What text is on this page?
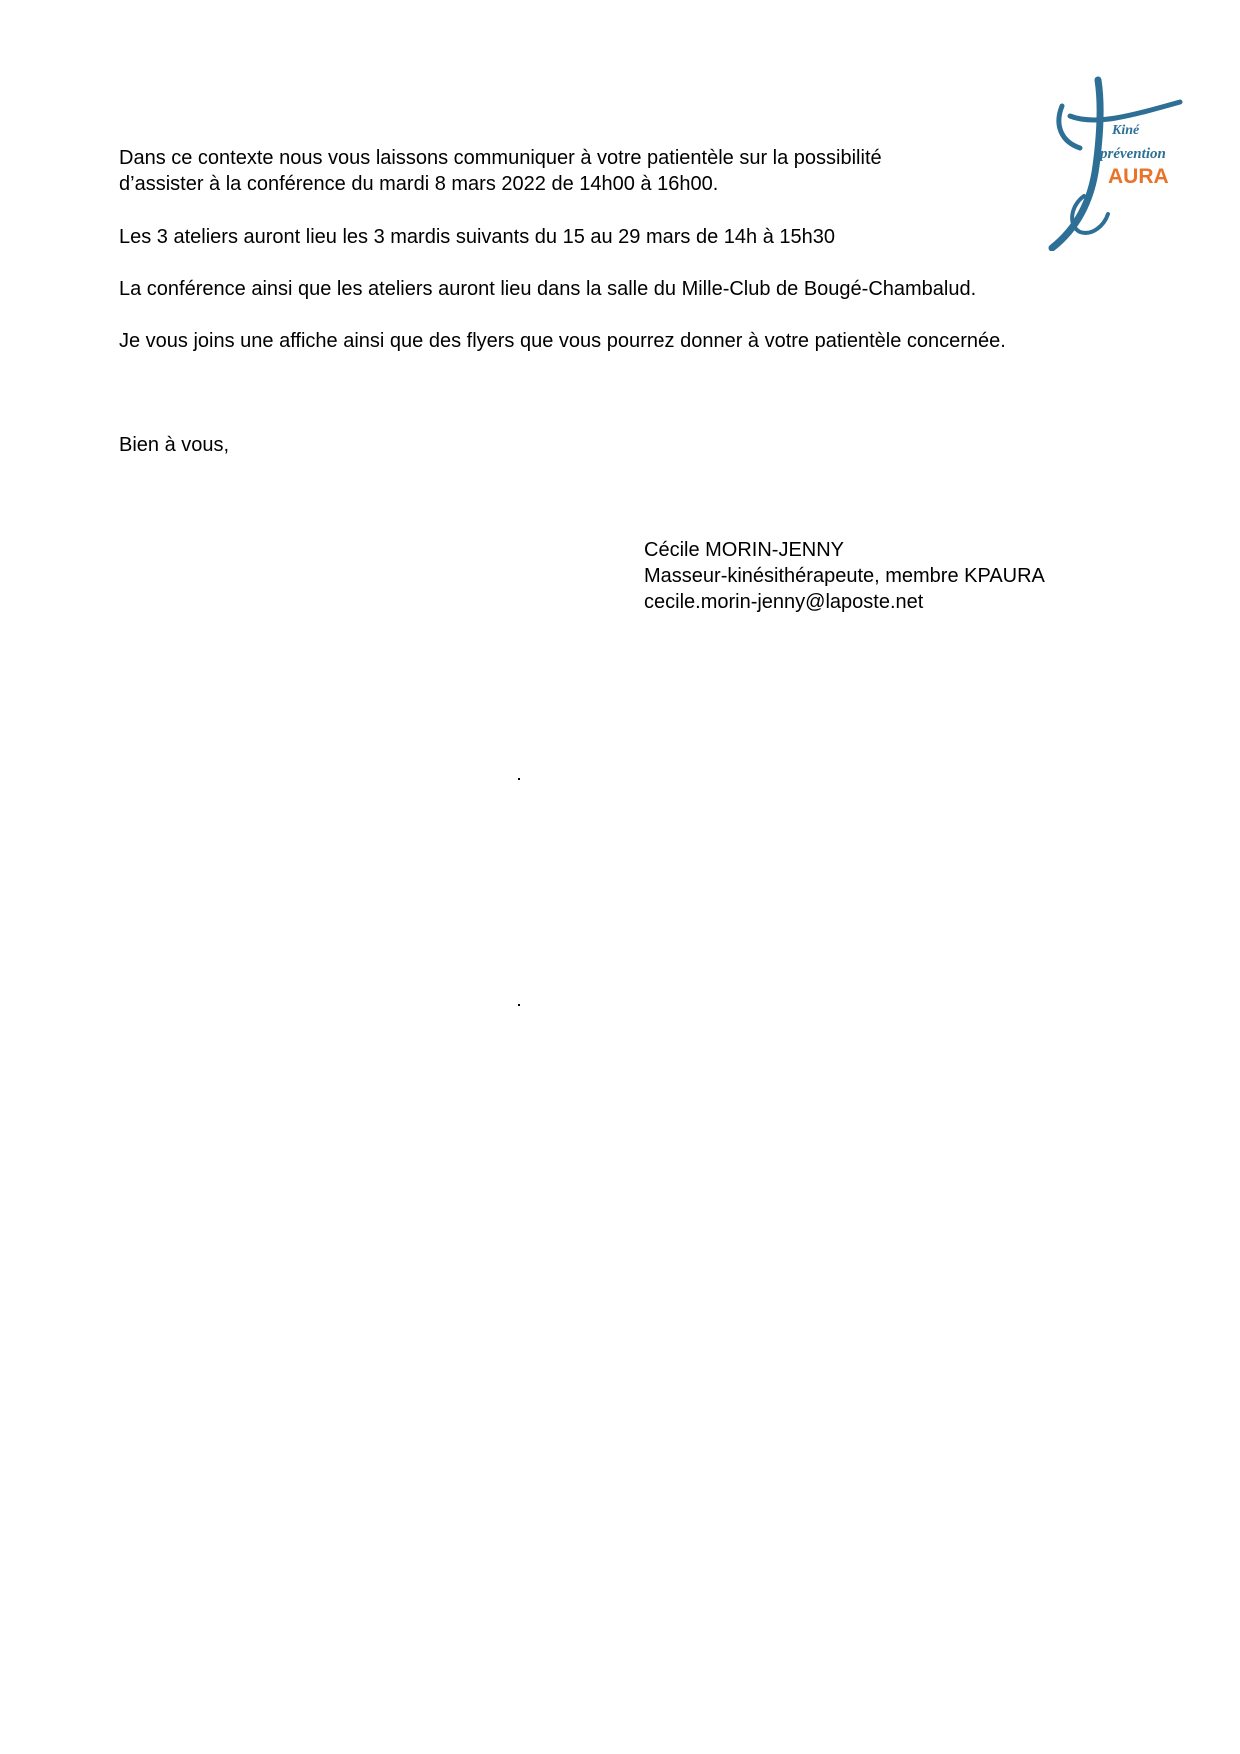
Kiné
prévention
AURA
Dans ce contexte nous vous laissons communiquer à votre patientèle sur la possibilité
d’assister à la conférence du mardi 8 mars 2022 de 14h00 à 16h00.
Les 3 ateliers auront lieu les 3 mardis suivants du 15 au 29 mars de 14h à 15h30
La conférence ainsi que les ateliers auront lieu dans la salle du Mille-Club de Bougé-Chambalud.
Je vous joins une affiche ainsi que des flyers que vous pourrez donner à votre patientèle concernée.
Bien à vous,
Cécile MORIN-JENNY
Masseur-kinésithérapeute, membre KPAURA
cecile.morin-jenny@laposte.net
